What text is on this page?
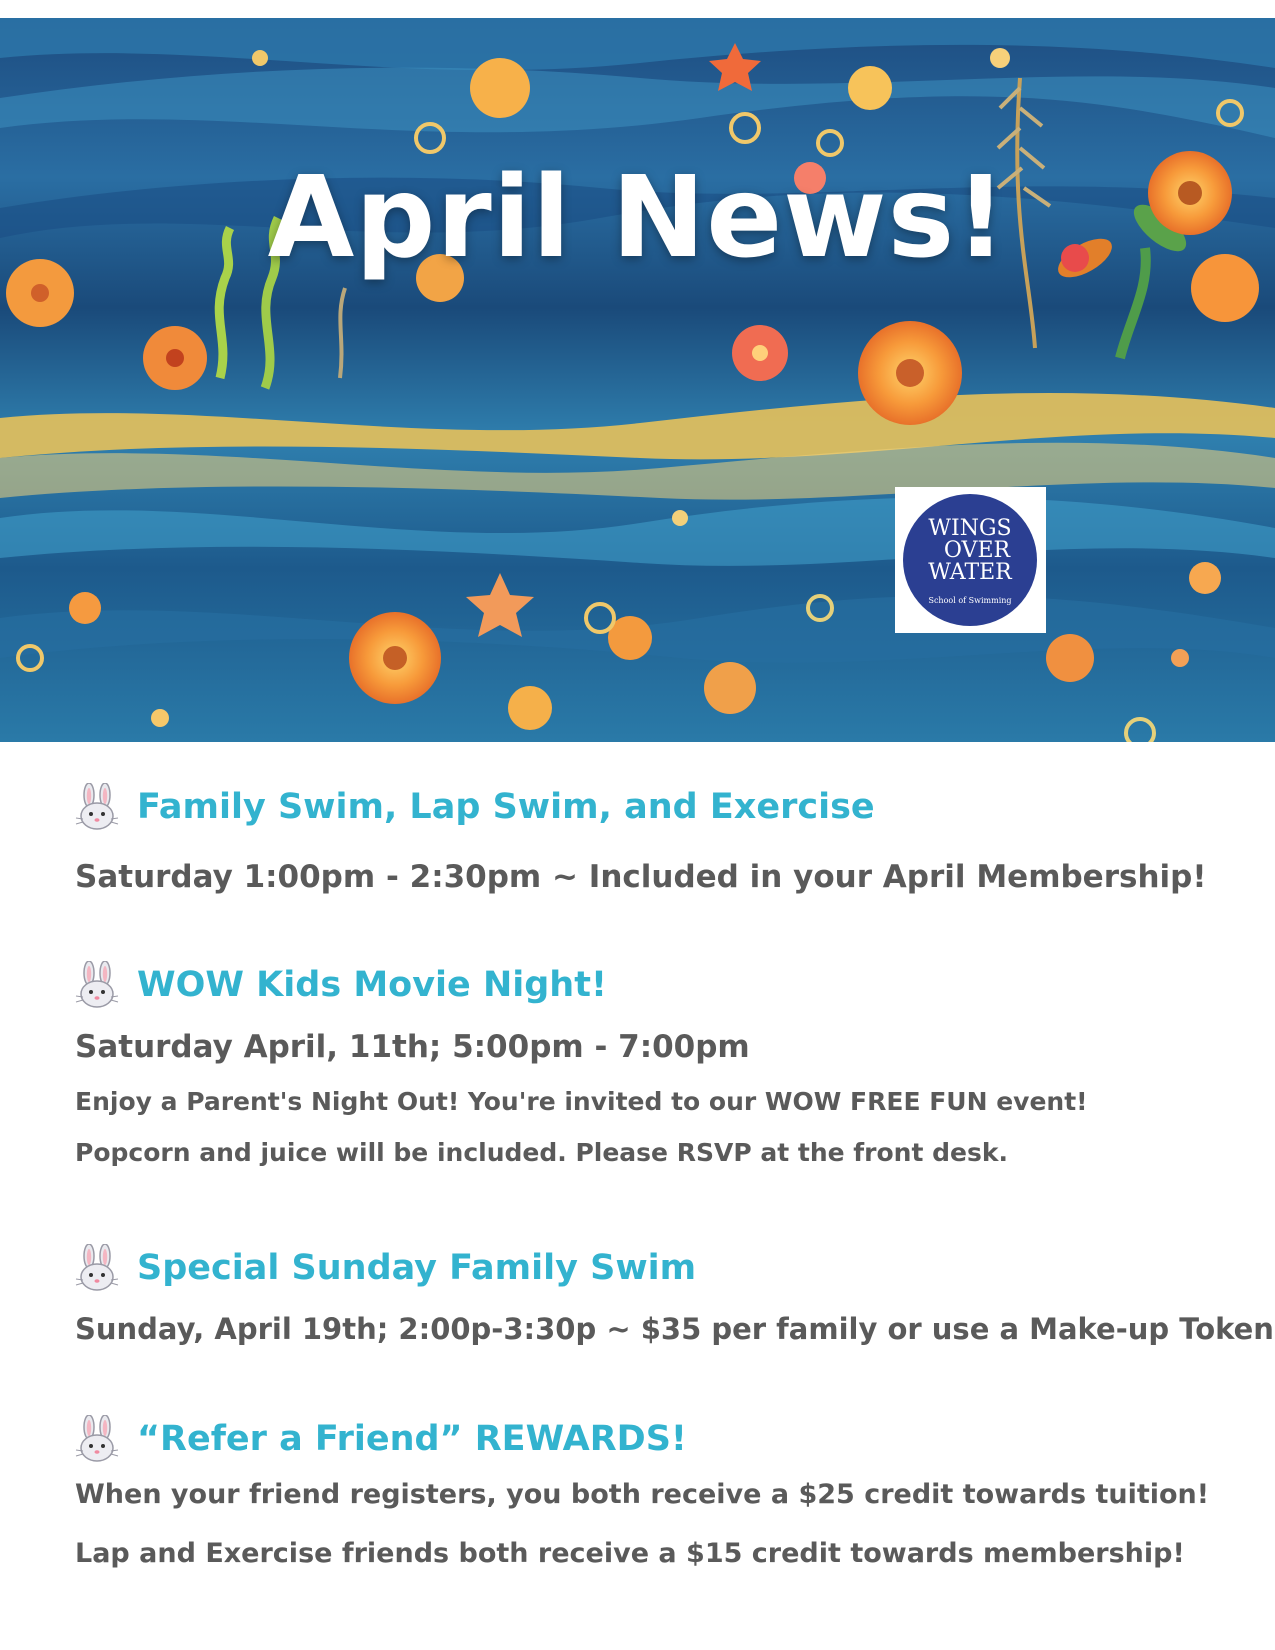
April News!
WINGS
OVER
WATER
School of Swimming
Family Swim, Lap Swim, and Exercise
Saturday 1:00pm - 2:30pm ~ Included in your April Membership!
WOW Kids Movie Night!
Saturday April, 11th; 5:00pm - 7:00pm
Enjoy a Parent's Night Out! You're invited to our WOW FREE FUN event!
Popcorn and juice will be included. Please RSVP at the front desk.
Special Sunday Family Swim
Sunday, April 19th; 2:00p-3:30p ~ $35 per family or use a Make-up Token
“Refer a Friend” REWARDS!
When your friend registers, you both receive a $25 credit towards tuition!
Lap and Exercise friends both receive a $15 credit towards membership!
